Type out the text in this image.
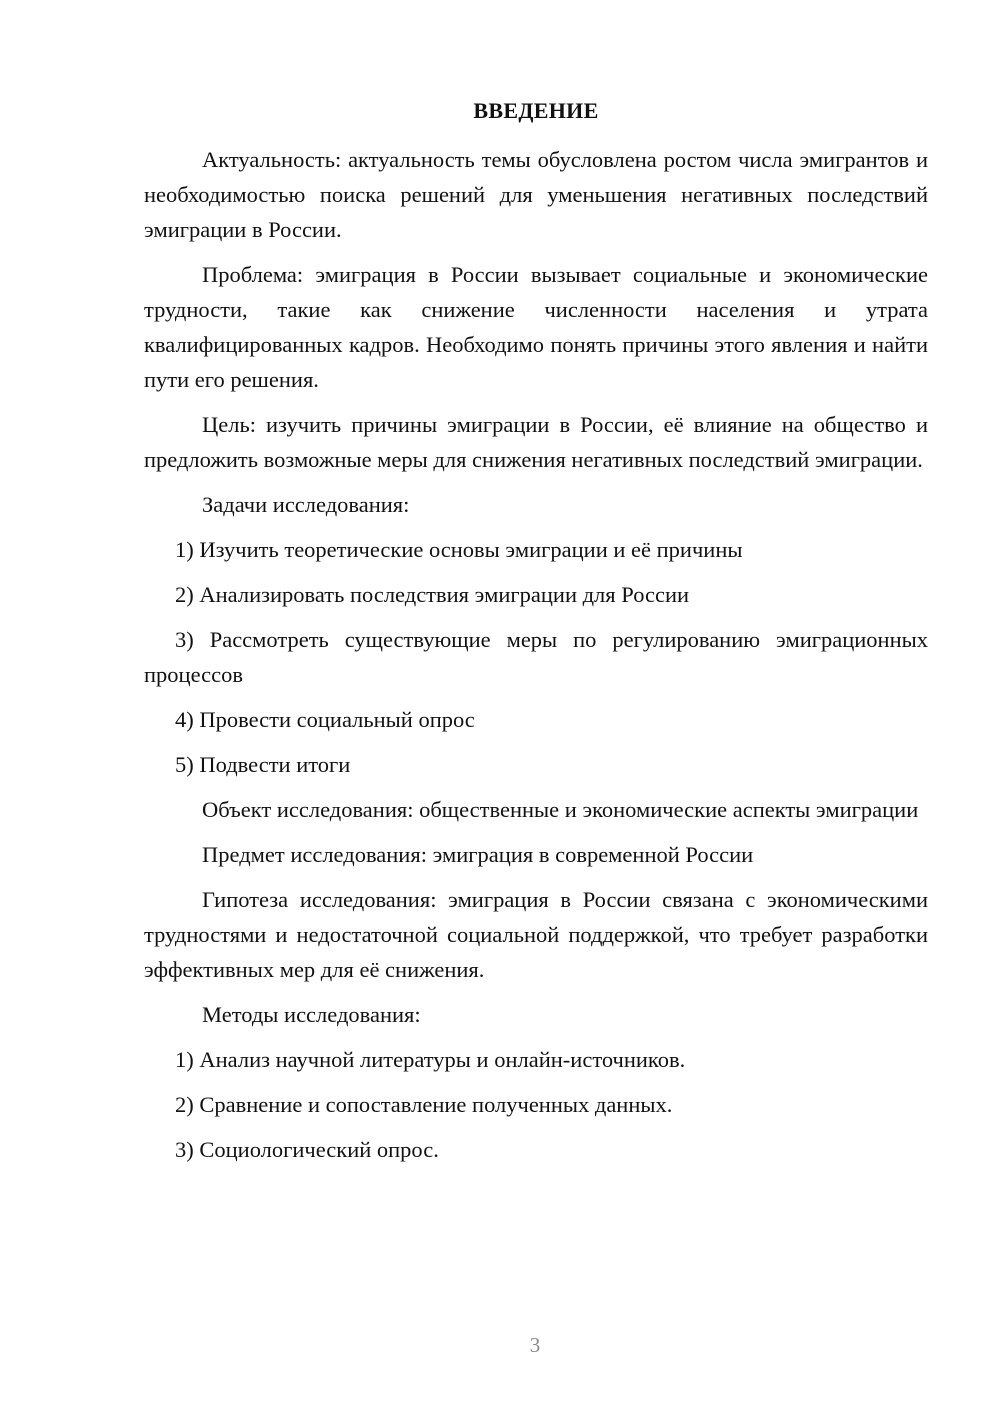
ВВЕДЕНИЕ

Актуальность: актуальность темы обусловлена ростом числа эмигрантов и необходимостью поиска решений для уменьшения негативных последствий эмиграции в России.

Проблема: эмиграция в России вызывает социальные и экономические трудности, такие как снижение численности населения и утрата квалифицированных кадров. Необходимо понять причины этого явления и найти пути его решения.

Цель: изучить причины эмиграции в России, её влияние на общество и предложить возможные меры для снижения негативных последствий эмиграции.

Задачи исследования:

1) Изучить теоретические основы эмиграции и её причины

2) Анализировать последствия эмиграции для России

3) Рассмотреть существующие меры по регулированию эмиграционных процессов

4) Провести социальный опрос

5) Подвести итоги

Объект исследования: общественные и экономические аспекты эмиграции

Предмет исследования: эмиграция в современной России

Гипотеза исследования: эмиграция в России связана с экономическими трудностями и недостаточной социальной поддержкой, что требует разработки эффективных мер для её снижения.

Методы исследования:

1) Анализ научной литературы и онлайн-источников.

2) Сравнение и сопоставление полученных данных.

3) Социологический опрос.

3
